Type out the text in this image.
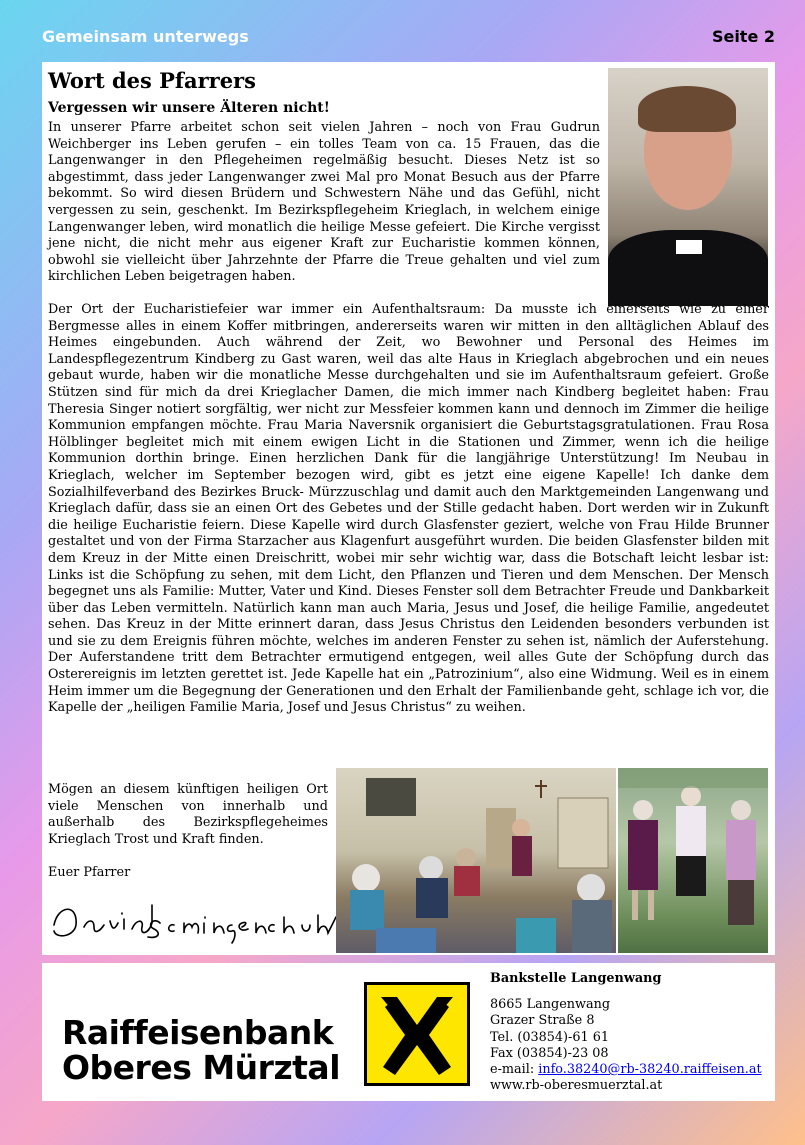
Gemeinsam unterwegs	Seite 2
Wort des Pfarrers
Vergessen wir unsere Älteren nicht!
In unserer Pfarre arbeitet schon seit vielen Jahren – noch von Frau Gudrun Weichberger ins Leben gerufen – ein tolles Team von ca. 15 Frauen, das die Langenwanger in den Pflegeheimen regelmäßig besucht. Dieses Netz ist so abgestimmt, dass jeder Langenwanger zwei Mal pro Monat Besuch aus der Pfarre bekommt. So wird diesen Brüdern und Schwestern Nähe und das Gefühl, nicht vergessen zu sein, geschenkt. Im Bezirkspflegeheim Krieglach, in welchem einige Langenwanger leben, wird monatlich die heilige Messe gefeiert. Die Kirche vergisst jene nicht, die nicht mehr aus eigener Kraft zur Eucharistie kommen können, obwohl sie vielleicht über Jahrzehnte der Pfarre die Treue gehalten und viel zum kirchlichen Leben beigetragen haben.
Der Ort der Eucharistiefeier war immer ein Aufenthaltsraum: Da musste ich einerseits wie zu einer Bergmesse alles in einem Koffer mitbringen, andererseits waren wir mitten in den alltäglichen Ablauf des Heimes eingebunden. Auch während der Zeit, wo Bewohner und Personal des Heimes im Landespflegezentrum Kindberg zu Gast waren, weil das alte Haus in Krieglach abgebrochen und ein neues gebaut wurde, haben wir die monatliche Messe durchgehalten und sie im Aufenthaltsraum gefeiert. Große Stützen sind für mich da drei Krieglacher Damen, die mich immer nach Kindberg begleitet haben: Frau Theresia Singer notiert sorgfältig, wer nicht zur Messfeier kommen kann und dennoch im Zimmer die heilige Kommunion empfangen möchte. Frau Maria Naversnik organisiert die Geburtstagsgratulationen. Frau Rosa Hölblinger begleitet mich mit einem ewigen Licht in die Stationen und Zimmer, wenn ich die heilige Kommunion dorthin bringe. Einen herzlichen Dank für die langjährige Unterstützung! Im Neubau in Krieglach, welcher im September bezogen wird, gibt es jetzt eine eigene Kapelle! Ich danke dem Sozialhilfeverband des Bezirkes Bruck- Mürzzuschlag und damit auch den Marktgemeinden Langenwang und Krieglach dafür, dass sie an einen Ort des Gebetes und der Stille gedacht haben. Dort werden wir in Zukunft die heilige Eucharistie feiern. Diese Kapelle wird durch Glasfenster geziert, welche von Frau Hilde Brunner gestaltet und von der Firma Starzacher aus Klagenfurt ausgeführt wurden. Die beiden Glasfenster bilden mit dem Kreuz in der Mitte einen Dreischritt, wobei mir sehr wichtig war, dass die Botschaft leicht lesbar ist: Links ist die Schöpfung zu sehen, mit dem Licht, den Pflanzen und Tieren und dem Menschen. Der Mensch begegnet uns als Familie: Mutter, Vater und Kind. Dieses Fenster soll dem Betrachter Freude und Dankbarkeit über das Leben vermitteln. Natürlich kann man auch Maria, Jesus und Josef, die heilige Familie, angedeutet sehen. Das Kreuz in der Mitte erinnert daran, dass Jesus Christus den Leidenden besonders verbunden ist und sie zu dem Ereignis führen möchte, welches im anderen Fenster zu sehen ist, nämlich der Auferstehung. Der Auferstandene tritt dem Betrachter ermutigend entgegen, weil alles Gute der Schöpfung durch das Osterereignis im letzten gerettet ist. Jede Kapelle hat ein „Patrozinium“, also eine Widmung. Weil es in einem Heim immer um die Begegnung der Generationen und den Erhalt der Familienbande geht, schlage ich vor, die Kapelle der „heiligen Familie Maria, Josef und Jesus Christus“ zu weihen.
Mögen an diesem künftigen heiligen Ort viele Menschen von innerhalb und außerhalb des Bezirkspflegeheimes Krieglach Trost und Kraft finden.
Euer Pfarrer
Raiffeisenbank
Oberes Mürztal
Bankstelle Langenwang
8665 Langenwang
Grazer Straße 8
Tel. (03854)-61 61
Fax (03854)-23 08
e-mail: info.38240@rb-38240.raiffeisen.at
www.rb-oberesmuerztal.at
